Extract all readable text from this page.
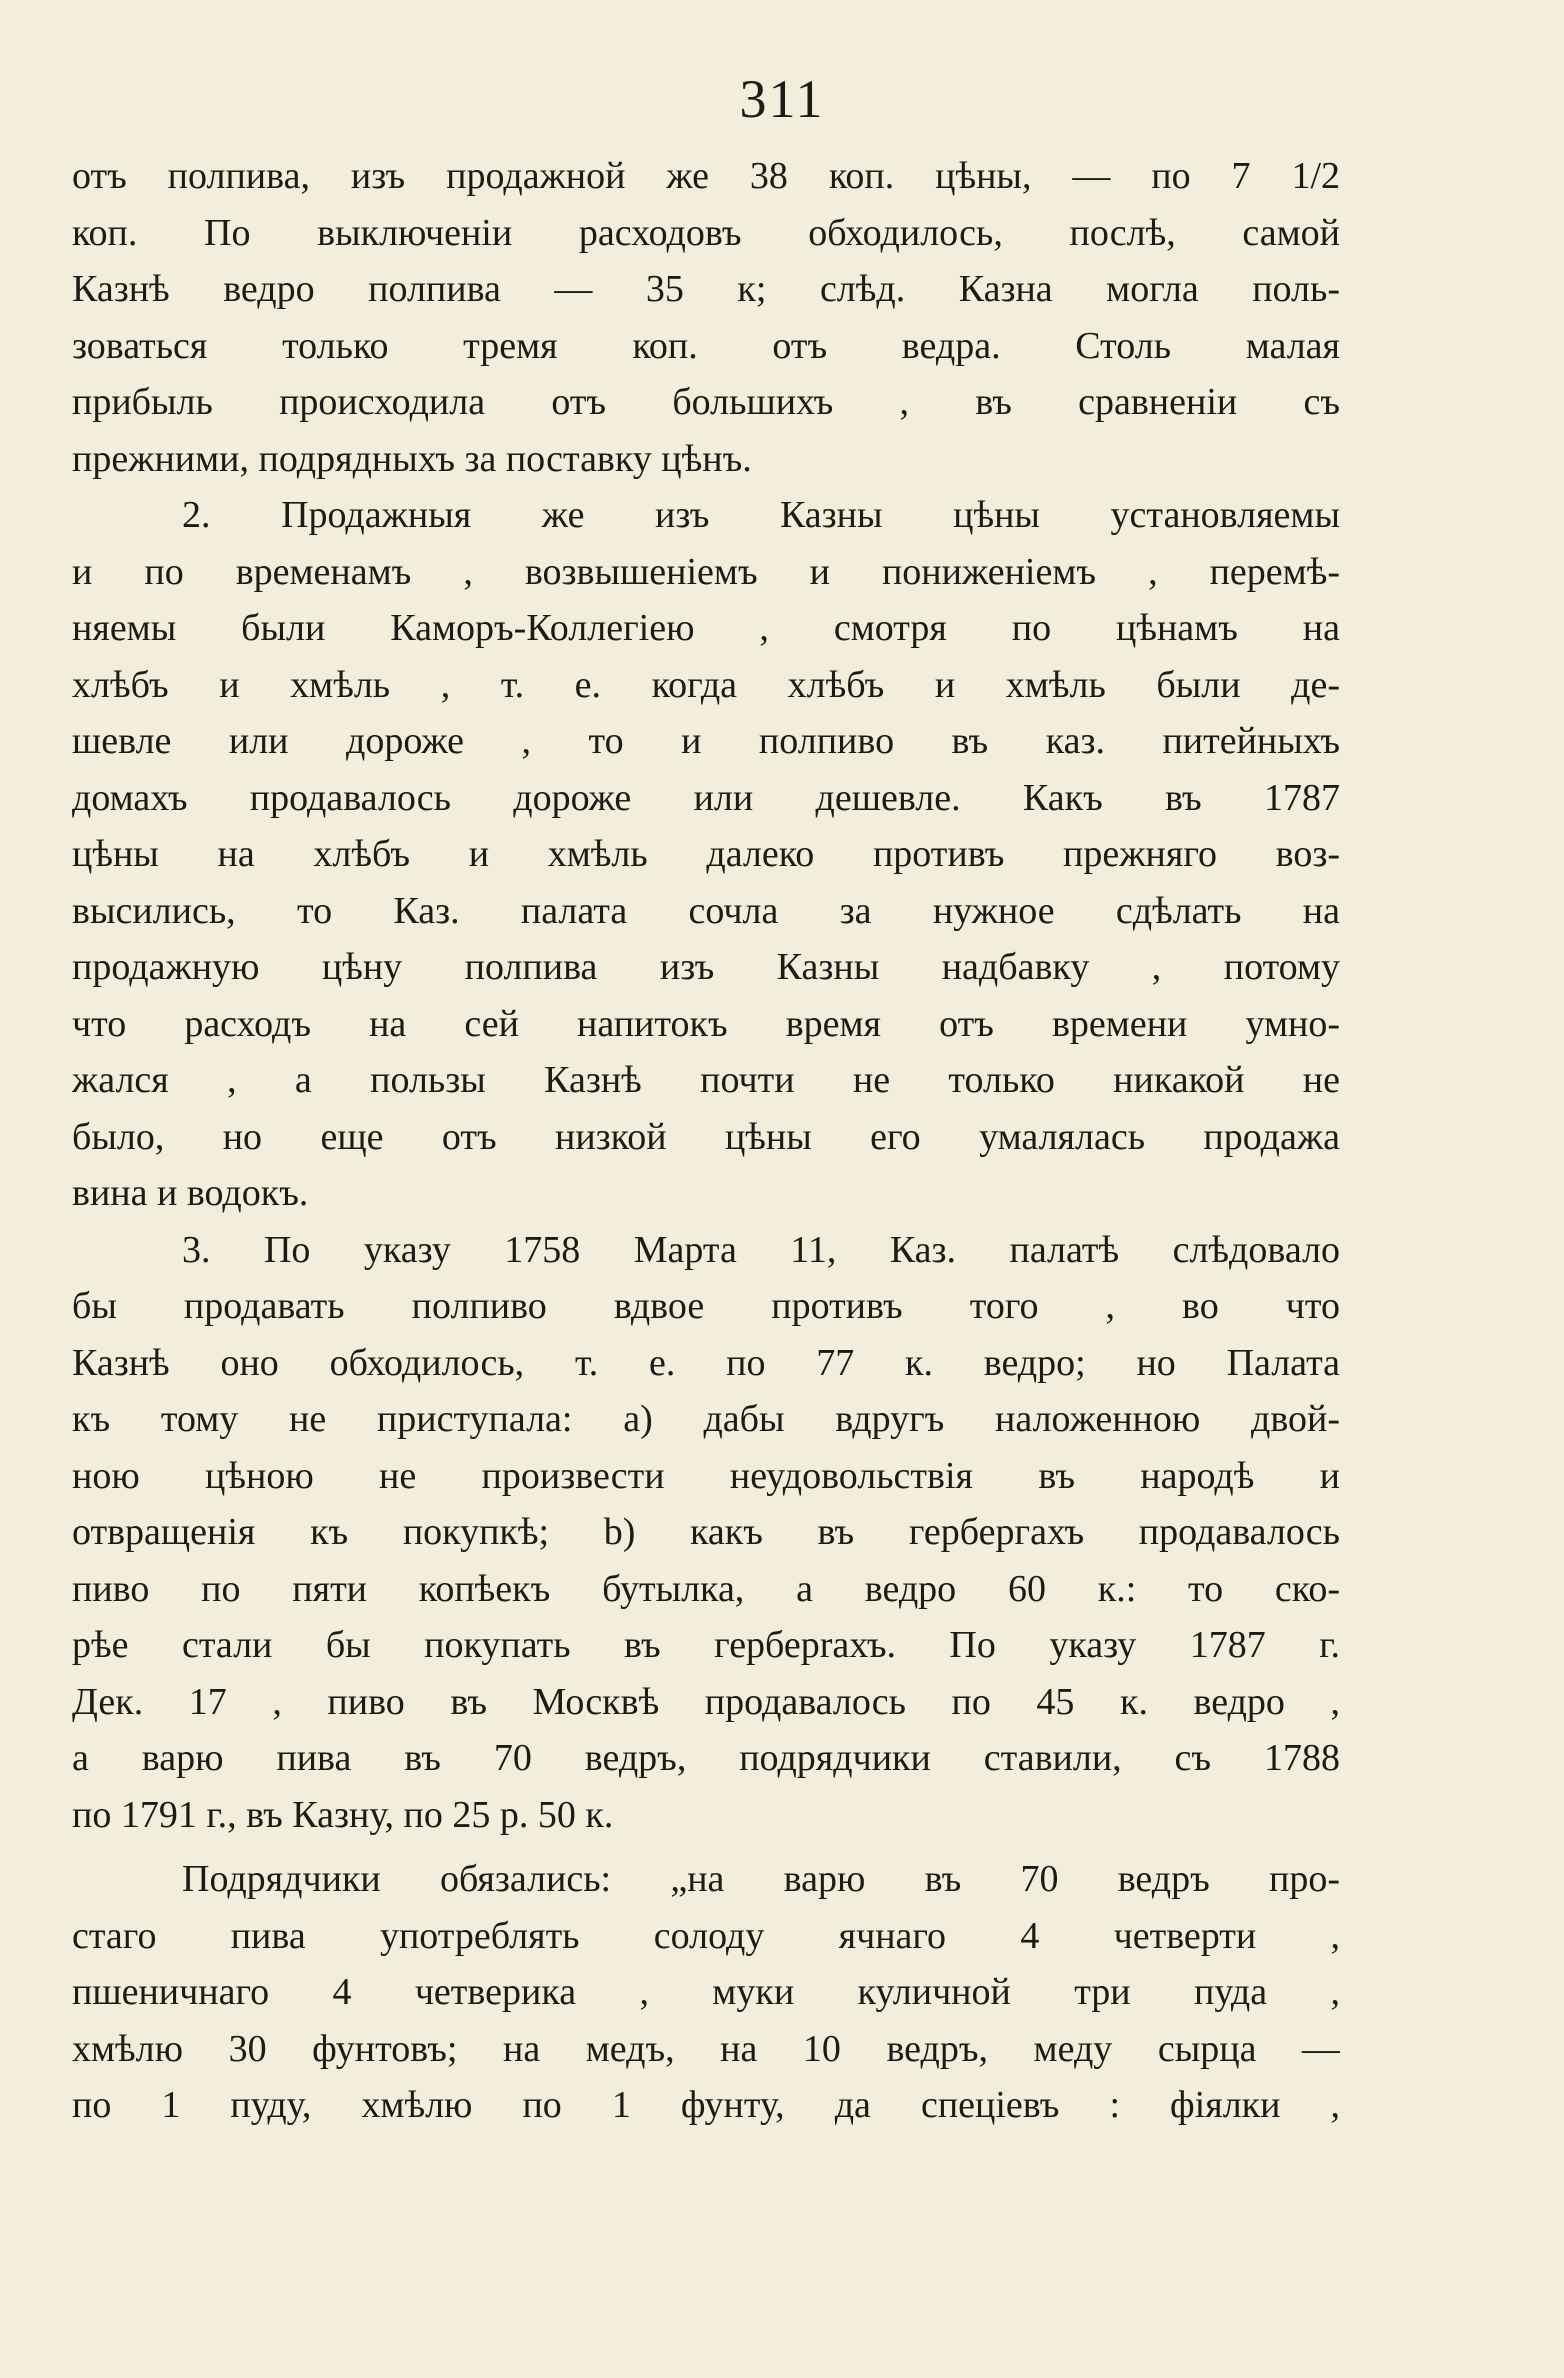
311
отъ полпива, изъ продажной же 38 коп. цѣны, — по 7 1/2
коп. По выключеніи расходовъ обходилось, послѣ, самой
Казнѣ ведро полпива — 35 к; слѣд. Казна могла поль-
зоваться только тремя коп. отъ ведра. Столь малая
прибыль происходила отъ большихъ , въ сравненіи съ
прежними, подрядныхъ за поставку цѣнъ.
2. Продажныя же изъ Казны цѣны установляемы
и по временамъ , возвышеніемъ и пониженіемъ , перемѣ-
няемы были Каморъ-Коллегіею , смотря по цѣнамъ на
хлѣбъ и хмѣль , т. е. когда хлѣбъ и хмѣль были де-
шевле или дороже , то и полпиво въ каз. питейныхъ
домахъ продавалось дороже или дешевле. Какъ въ 1787
цѣны на хлѣбъ и хмѣль далеко противъ прежняго воз-
высились, то Каз. палата сочла за нужное сдѣлать на
продажную цѣну полпива изъ Казны надбавку , потому
что расходъ на сей напитокъ время отъ времени умно-
жался , а пользы Казнѣ почти не только никакой не
было, но еще отъ низкой цѣны его умалялась продажа
вина и водокъ.
3. По указу 1758 Марта 11, Каз. палатѣ слѣдовало
бы продавать полпиво вдвое противъ того , во что
Казнѣ оно обходилось, т. е. по 77 к. ведро; но Палата
къ тому не приступала: a) дабы вдругъ наложенною двой-
ною цѣною не произвести неудовольствія въ народѣ и
отвращенія къ покупкѣ; b) какъ въ гербергахъ продавалось
пиво по пяти копѣекъ бутылка, а ведро 60 к.: то ско-
рѣе стали бы покупать въ герберrахъ. По указу 1787 г.
Дек. 17 , пиво въ Москвѣ продавалось по 45 к. ведро ,
а варю пива въ 70 ведръ, подрядчики ставили, съ 1788
по 1791 г., въ Казну, по 25 р. 50 к.
Подрядчики обязались: „на варю въ 70 ведръ про-
стаго пива употреблять солоду ячнаго 4 четверти ,
пшеничнаго 4 четверика , муки куличной три пуда ,
хмѣлю 30 фунтовъ; на медъ, на 10 ведръ, меду сырца —
по 1 пуду, хмѣлю по 1 фунту, да спеціевъ : фіялки ,
